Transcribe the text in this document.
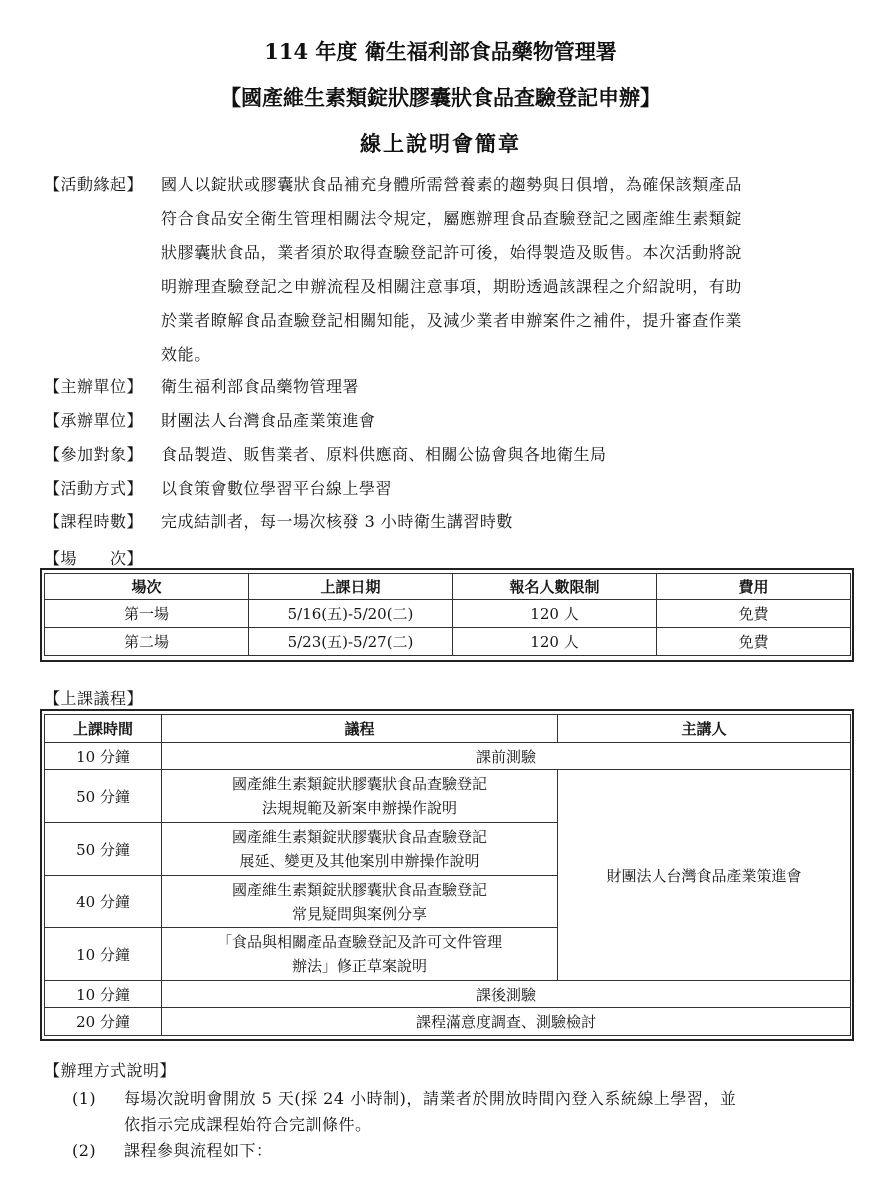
114 年度 衛生福利部食品藥物管理署
【國產維生素類錠狀膠囊狀食品查驗登記申辦】
線上說明會簡章
【活動緣起】 國人以錠狀或膠囊狀食品補充身體所需營養素的趨勢與日俱增，為確保該類產品
符合食品安全衛生管理相關法令規定，屬應辦理食品查驗登記之國產維生素類錠
狀膠囊狀食品，業者須於取得查驗登記許可後，始得製造及販售。本次活動將說
明辦理查驗登記之申辦流程及相關注意事項，期盼透過該課程之介紹說明，有助
於業者瞭解食品查驗登記相關知能，及減少業者申辦案件之補件，提升審查作業
效能。
【主辦單位】 衛生福利部食品藥物管理署
【承辦單位】 財團法人台灣食品產業策進會
【參加對象】 食品製造、販售業者、原料供應商、相關公協會與各地衛生局
【活動方式】 以食策會數位學習平台線上學習
【課程時數】 完成結訓者，每一場次核發 3 小時衛生講習時數
【場　　次】
場次	上課日期	報名人數限制	費用
第一場	5/16(五)-5/20(二)	120 人	免費
第二場	5/23(五)-5/27(二)	120 人	免費
【上課議程】
上課時間	議程	主講人
10 分鐘	課前測驗	
50 分鐘	國產維生素類錠狀膠囊狀食品查驗登記
法規規範及新案申辦操作說明	財團法人台灣食品產業策進會
50 分鐘	國產維生素類錠狀膠囊狀食品查驗登記
展延、變更及其他案別申辦操作說明	

40 分鐘	國產維生素類錠狀膠囊狀食品查驗登記
常見疑問與案例分享	

10 分鐘	「食品與相關產品查驗登記及許可文件管理
辦法」修正草案說明	

10 分鐘	課後測驗	
20 分鐘	課程滿意度調查、測驗檢討	
【辦理方式說明】
(1) 每場次說明會開放 5 天(採 24 小時制)，請業者於開放時間內登入系統線上學習，並
依指示完成課程始符合完訓條件。
(2) 課程參與流程如下：
